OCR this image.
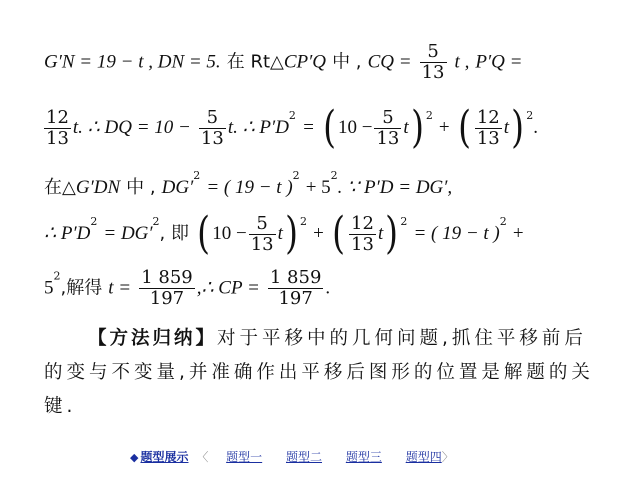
G′N = 19 − t , DN = 5. 在 Rt△CP′Q 中 , CQ = $\frac{5}{13}$ t , P′Q =
$\frac{12}{13} t$. ∴ DQ = $10 - \frac{5}{13} t$. ∴ $P'D^2$ = ( $10 - \frac{5}{13} t$) $^2$ + ( $\frac{12}{13} t$) $^2$.
在△G′DN 中 , $DG'^2$ = ( 19 − t )$^2 + 5^2$. ∵ P′D = DG′,
∴ $P'D^2 = DG'^2$, 即 ( $10 - \frac{5}{13} t$) $^2$ + ( $\frac{12}{13} t$) $^2$ = ( 19 − t )$^2$ +
$5^2$,解得 $t = \frac{1 859}{197}$ ,∴ CP = $\frac{1 859}{197}$ .
【方法归纳】对于平移中的几何问题,抓住平移前后的变与不变量,并准确作出平移后图形的位置是解题的关键.
◆ 题型展示 〈 题型一 题型二 题型三 题型四〉
